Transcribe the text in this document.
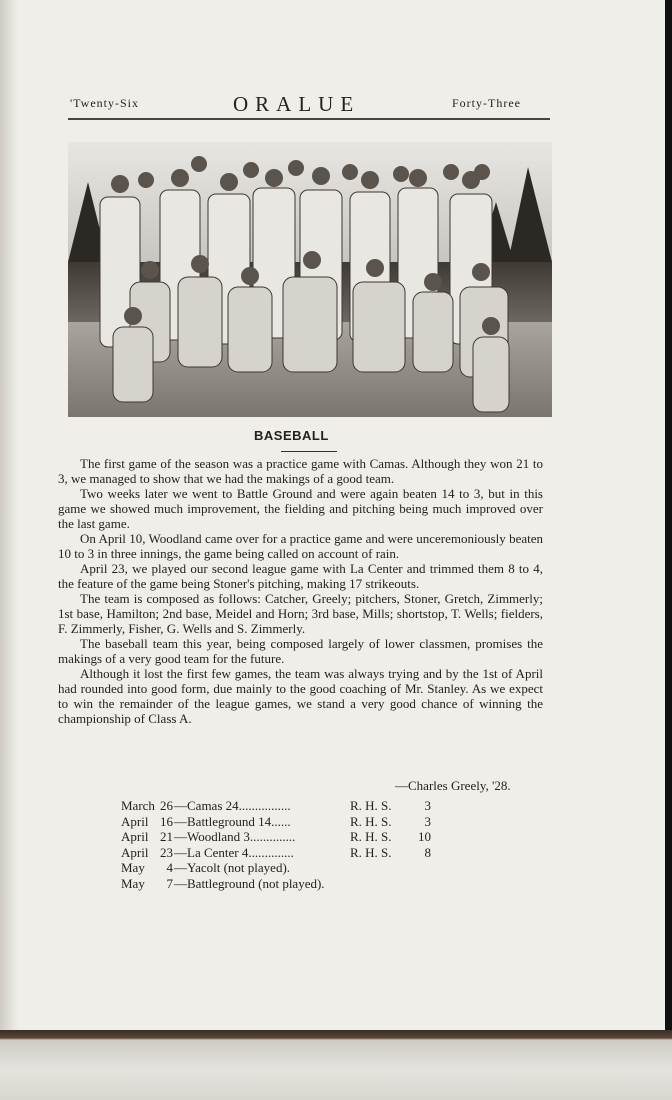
'Twenty-Six	ORALUE	Forty-Three
BASEBALL

The first game of the season was a practice game with Camas. Although they won 21 to 3, we managed to show that we had the makings of a good team.

Two weeks later we went to Battle Ground and were again beaten 14 to 3, but in this game we showed much improvement, the fielding and pitching being much improved over the last game.

On April 10, Woodland came over for a practice game and were unceremoniously beaten 10 to 3 in three innings, the game being called on account of rain.

April 23, we played our second league game with La Center and trimmed them 8 to 4, the feature of the game being Stoner's pitching, making 17 strikeouts.

The team is composed as follows: Catcher, Greely; pitchers, Stoner, Gretch, Zimmerly; 1st base, Hamilton; 2nd base, Meidel and Horn; 3rd base, Mills; shortstop, T. Wells; fielders, F. Zimmerly, Fisher, G. Wells and S. Zimmerly.

The baseball team this year, being composed largely of lower classmen, promises the makings of a very good team for the future.

Although it lost the first few games, the team was always trying and by the 1st of April had rounded into good form, due mainly to the good coaching of Mr. Stanley. As we expect to win the remainder of the league games, we stand a very good chance of winning the championship of Class A.

—Charles Greely, '28.
March 26 —Camas 24................	R. H. S.	3
April 16 —Battleground 14......	R. H. S.	3
April 21 —Woodland 3..............	R. H. S.	10
April 23 —La Center 4..............	R. H. S.	8
May	4 —Yacolt (not played).
May	7 —Battleground (not played).
